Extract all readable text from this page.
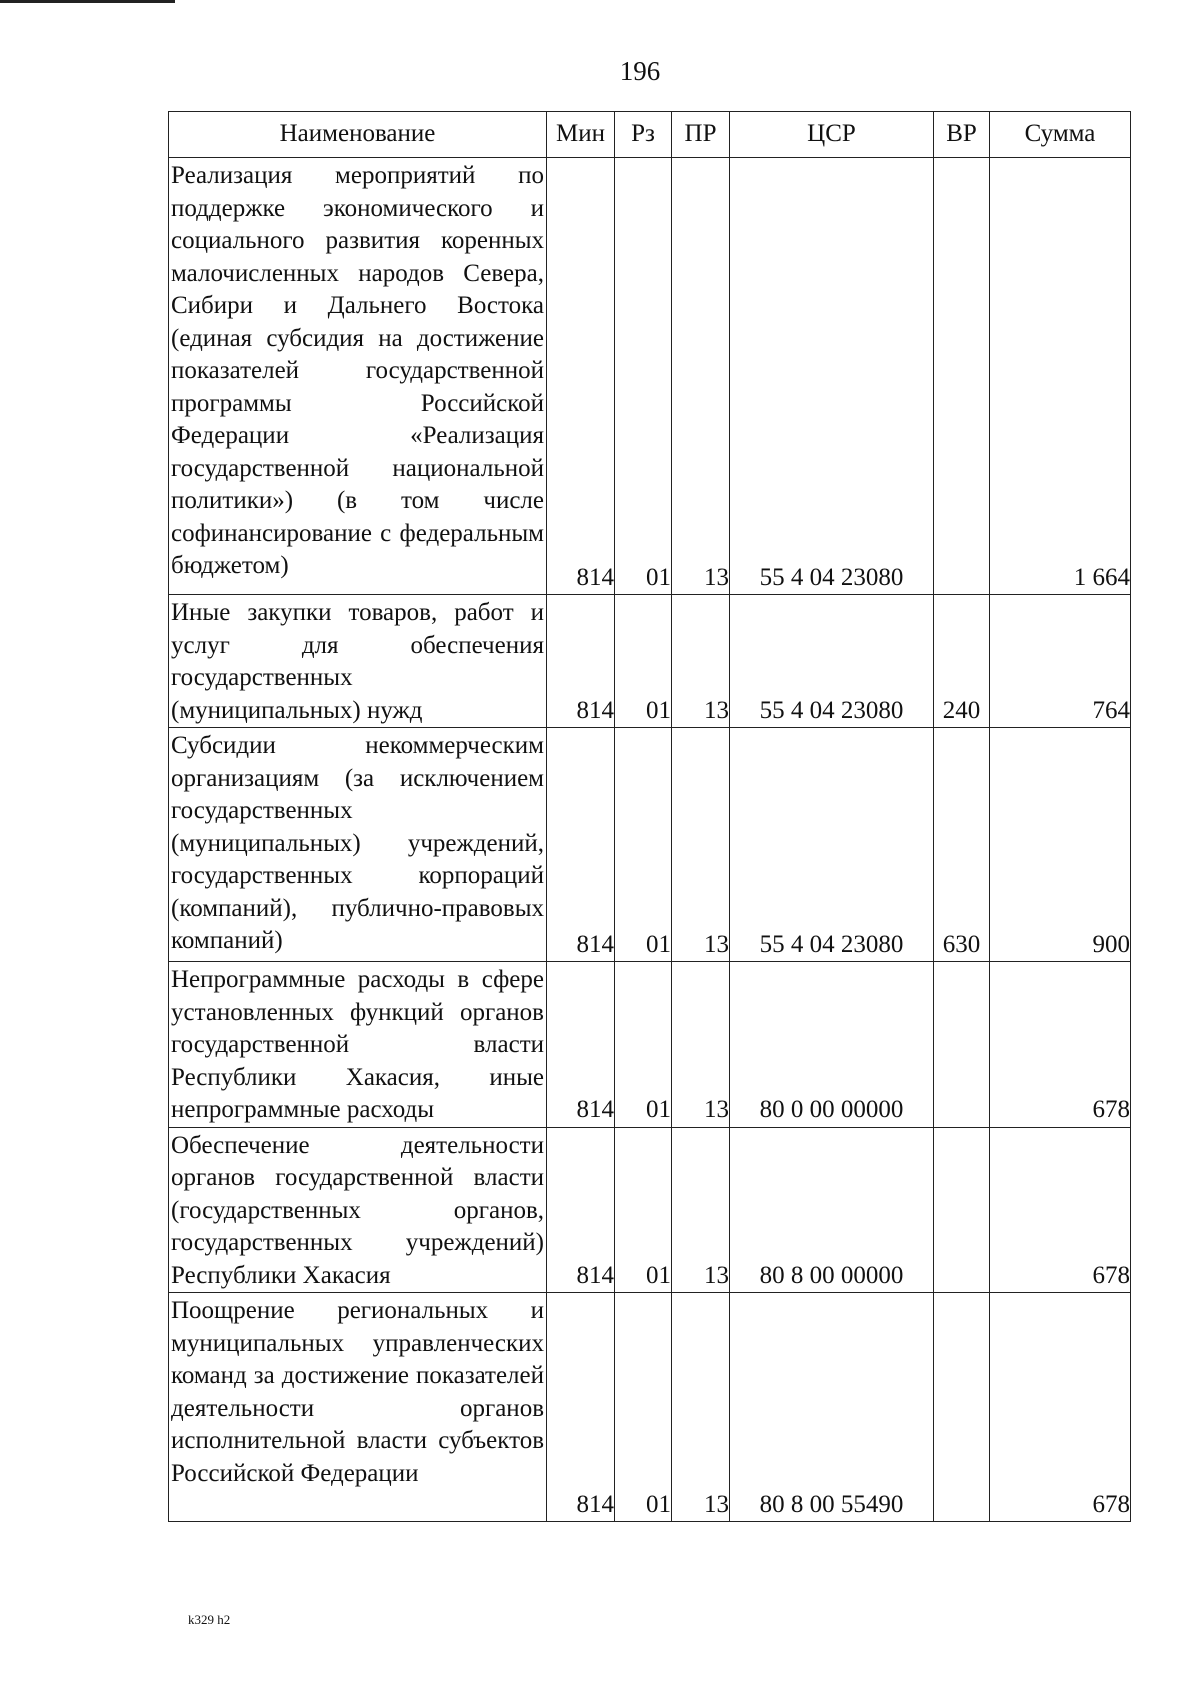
196
Наименование	Мин	Рз	ПР	ЦСР	ВР	Сумма

Реализация мероприятий по поддержке экономического и социального развития коренных малочисленных народов Севера, Сибири и Дальнего Востока (единая субсидия на достижение показателей государственной программы Российской Федерации «Реализация государственной национальной политики») (в том числе софинансирование с федеральным бюджетом)	814	01	13	55 4 04 23080		1 664

Иные закупки товаров, работ и услуг для обеспечения государственных (муниципальных) нужд	814	01	13	55 4 04 23080	240	764

Субсидии некоммерческим организациям (за исключением государственных (муниципальных) учреждений, государственных корпораций (компаний), публично-правовых компаний)	814	01	13	55 4 04 23080	630	900

Непрограммные расходы в сфере установленных функций органов государственной власти Республики Хакасия, иные непрограммные расходы	814	01	13	80 0 00 00000		678

Обеспечение деятельности органов государственной власти (государственных органов, государственных учреждений) Республики Хакасия	814	01	13	80 8 00 00000		678

Поощрение региональных и муниципальных управленческих команд за достижение показателей деятельности органов исполнительной власти субъектов Российской Федерации	814	01	13	80 8 00 55490		678
k329 h2
